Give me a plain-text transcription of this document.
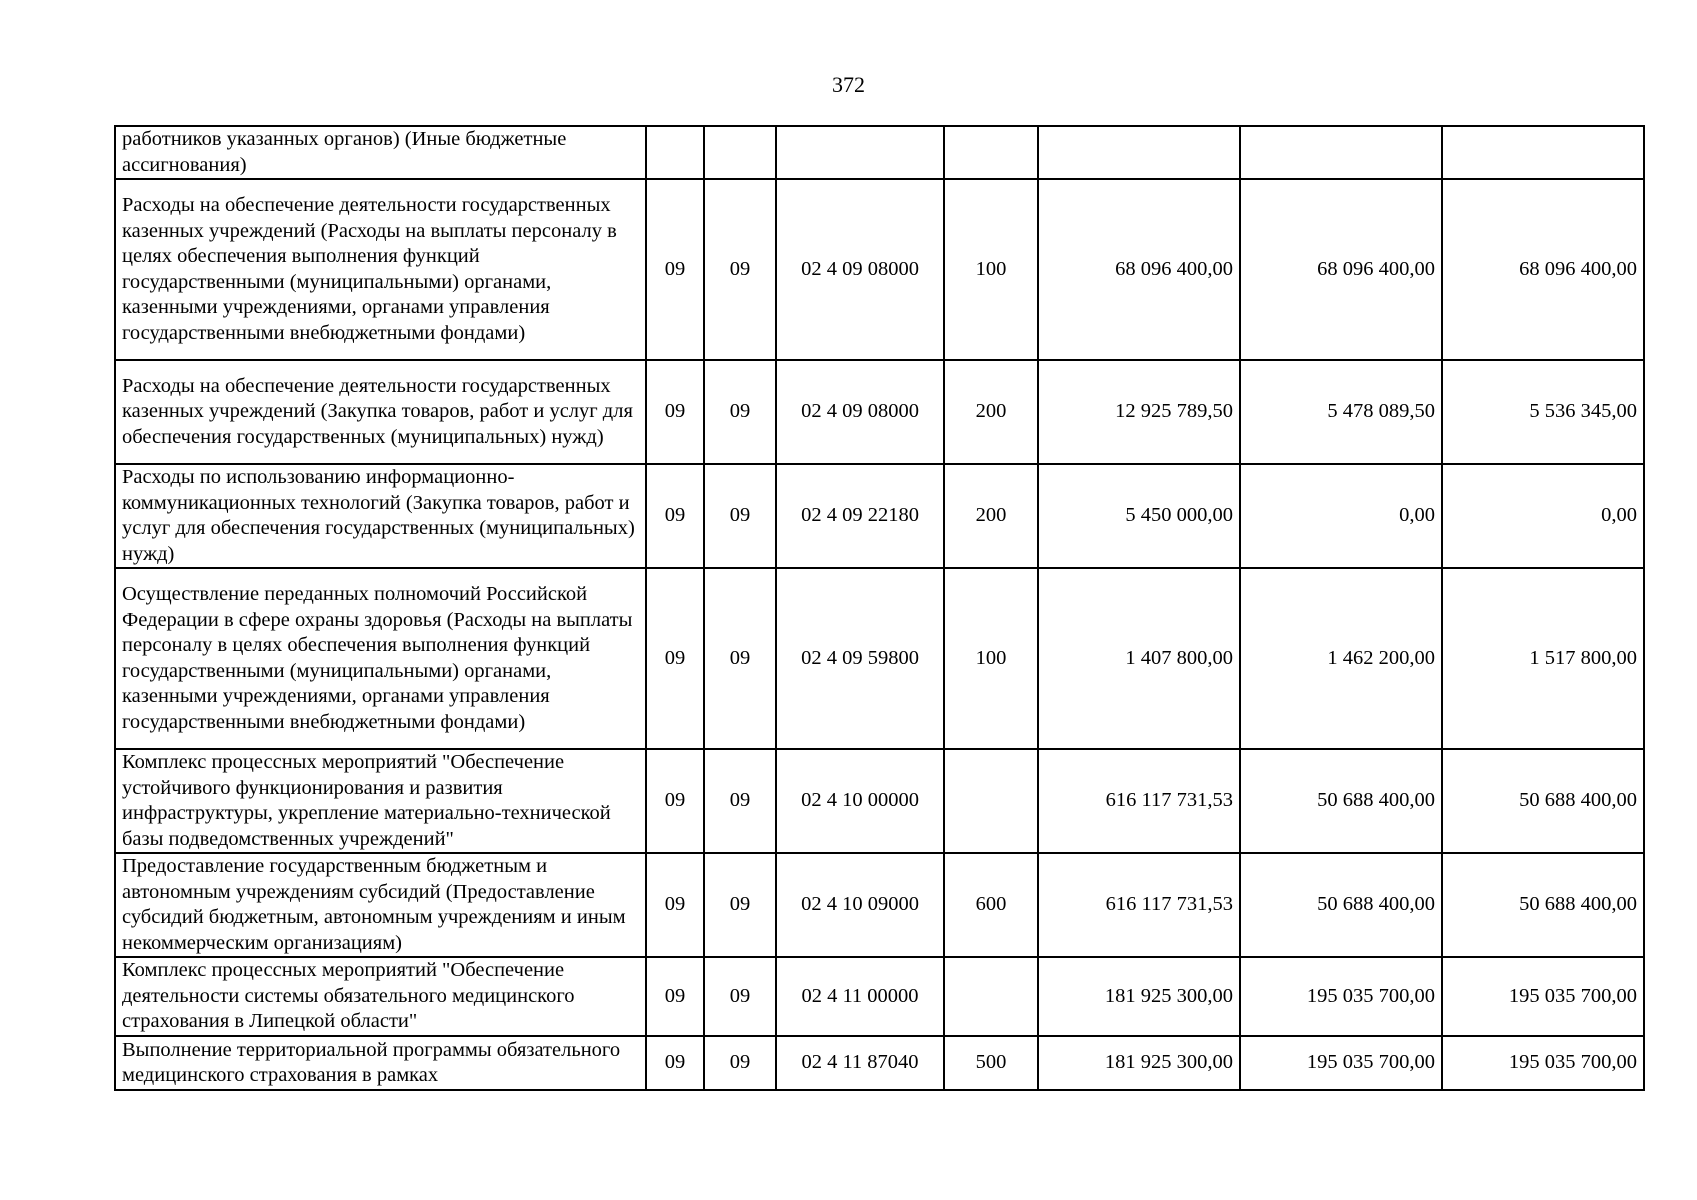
372
работников указанных органов) (Иные бюджетные ассигнования)							
Расходы на обеспечение деятельности государственных казенных учреждений (Расходы на выплаты персоналу в целях обеспечения выполнения функций государственными (муниципальными) органами, казенными учреждениями, органами управления государственными внебюджетными фондами)	09	09	02 4 09 08000	100	68 096 400,00	68 096 400,00	68 096 400,00
Расходы на обеспечение деятельности государственных казенных учреждений (Закупка товаров, работ и услуг для обеспечения государственных (муниципальных) нужд)	09	09	02 4 09 08000	200	12 925 789,50	5 478 089,50	5 536 345,00
Расходы по использованию информационно-коммуникационных технологий (Закупка товаров, работ и услуг для обеспечения государственных (муниципальных) нужд)	09	09	02 4 09 22180	200	5 450 000,00	0,00	0,00
Осуществление переданных полномочий Российской Федерации в сфере охраны здоровья (Расходы на выплаты персоналу в целях обеспечения выполнения функций государственными (муниципальными) органами, казенными учреждениями, органами управления государственными внебюджетными фондами)	09	09	02 4 09 59800	100	1 407 800,00	1 462 200,00	1 517 800,00
Комплекс процессных мероприятий "Обеспечение устойчивого функционирования и развития инфраструктуры, укрепление материально-технической базы подведомственных учреждений"	09	09	02 4 10 00000		616 117 731,53	50 688 400,00	50 688 400,00
Предоставление государственным бюджетным и автономным учреждениям субсидий (Предоставление субсидий бюджетным, автономным учреждениям и иным некоммерческим организациям)	09	09	02 4 10 09000	600	616 117 731,53	50 688 400,00	50 688 400,00
Комплекс процессных мероприятий "Обеспечение деятельности системы обязательного медицинского страхования в Липецкой области"	09	09	02 4 11 00000		181 925 300,00	195 035 700,00	195 035 700,00
Выполнение территориальной программы обязательного медицинского страхования в рамках	09	09	02 4 11 87040	500	181 925 300,00	195 035 700,00	195 035 700,00
